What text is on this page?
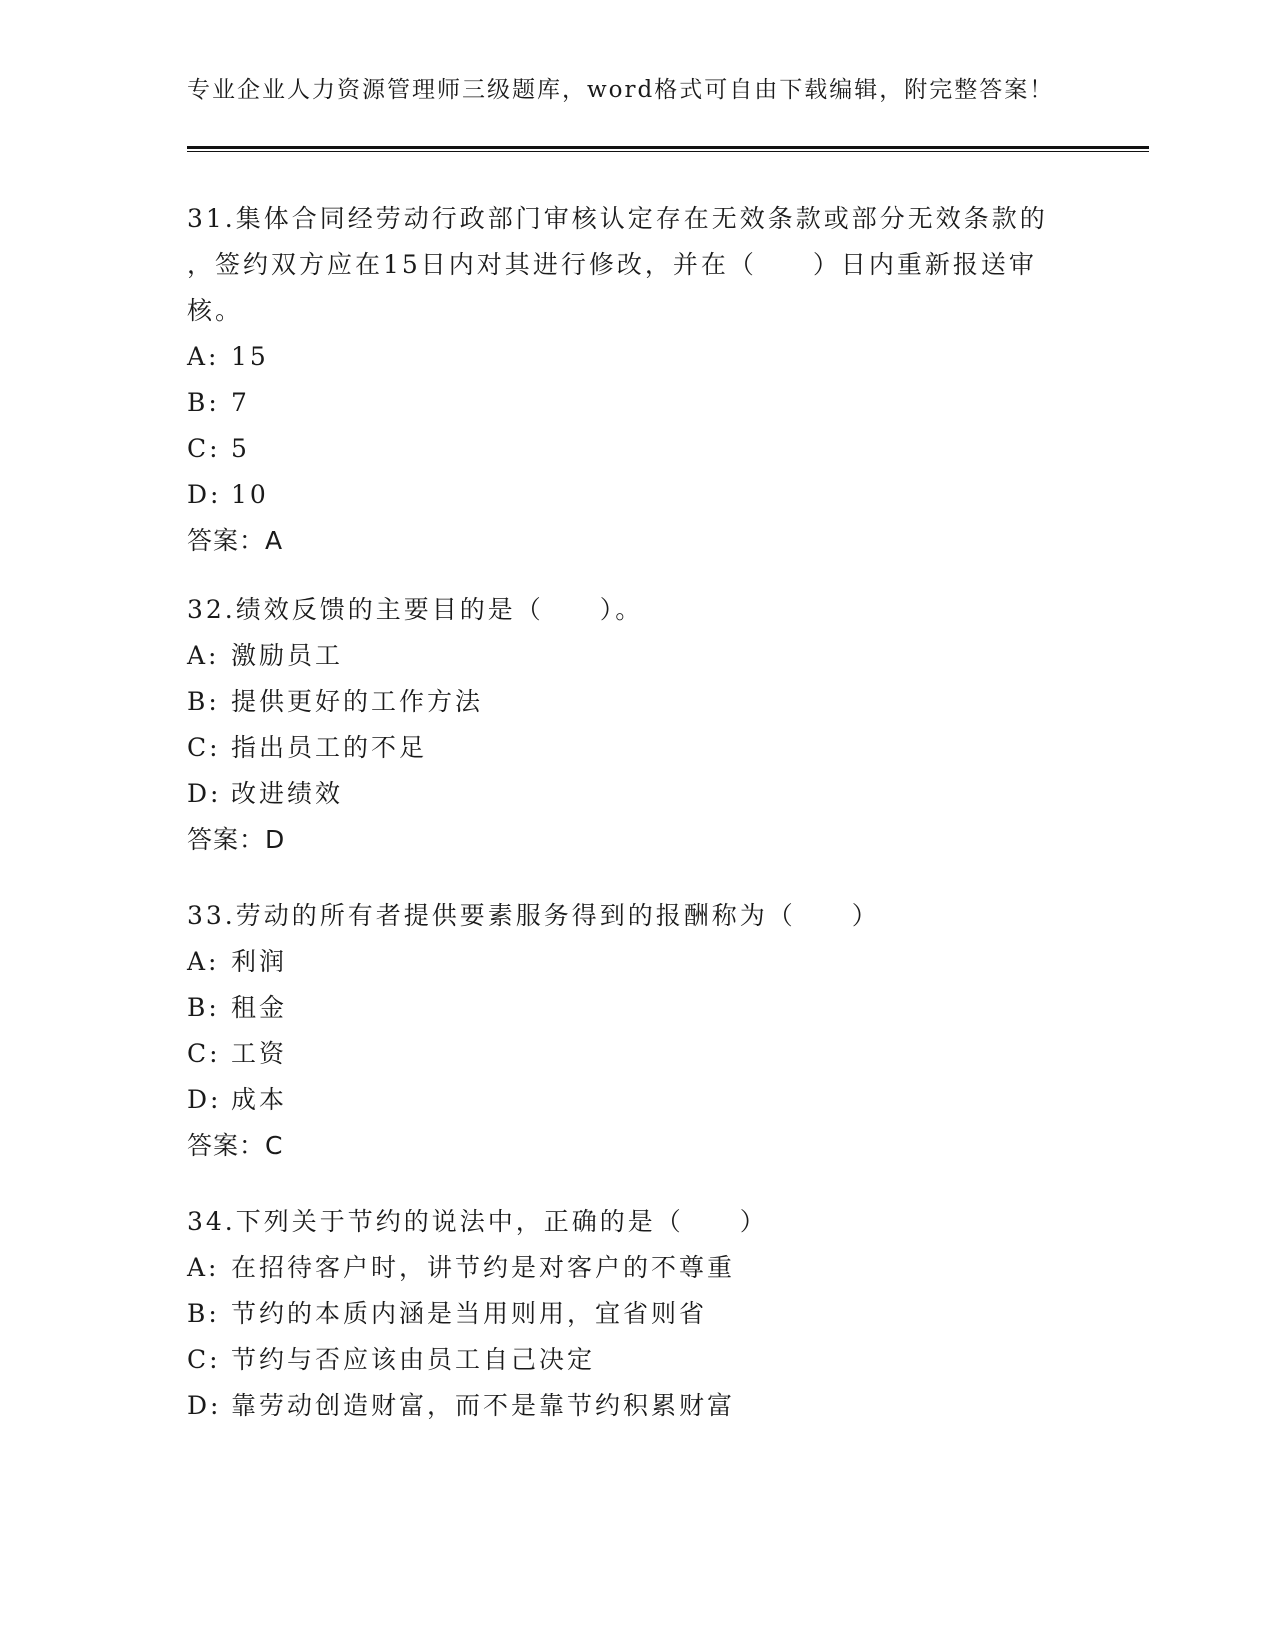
专业企业人力资源管理师三级题库，word格式可自由下载编辑，附完整答案！
31.集体合同经劳动行政部门审核认定存在无效条款或部分无效条款的
，签约双方应在15日内对其进行修改，并在（　　）日内重新报送审
核。
A: 15
B: 7
C: 5
D: 10
答案：A
32.绩效反馈的主要目的是（　　）。
A: 激励员工
B: 提供更好的工作方法
C: 指出员工的不足
D: 改进绩效
答案：D
33.劳动的所有者提供要素服务得到的报酬称为（　　）
A: 利润
B: 租金
C: 工资
D: 成本
答案：C
34.下列关于节约的说法中，正确的是（　　）
A: 在招待客户时，讲节约是对客户的不尊重
B: 节约的本质内涵是当用则用，宜省则省
C: 节约与否应该由员工自己决定
D: 靠劳动创造财富，而不是靠节约积累财富
